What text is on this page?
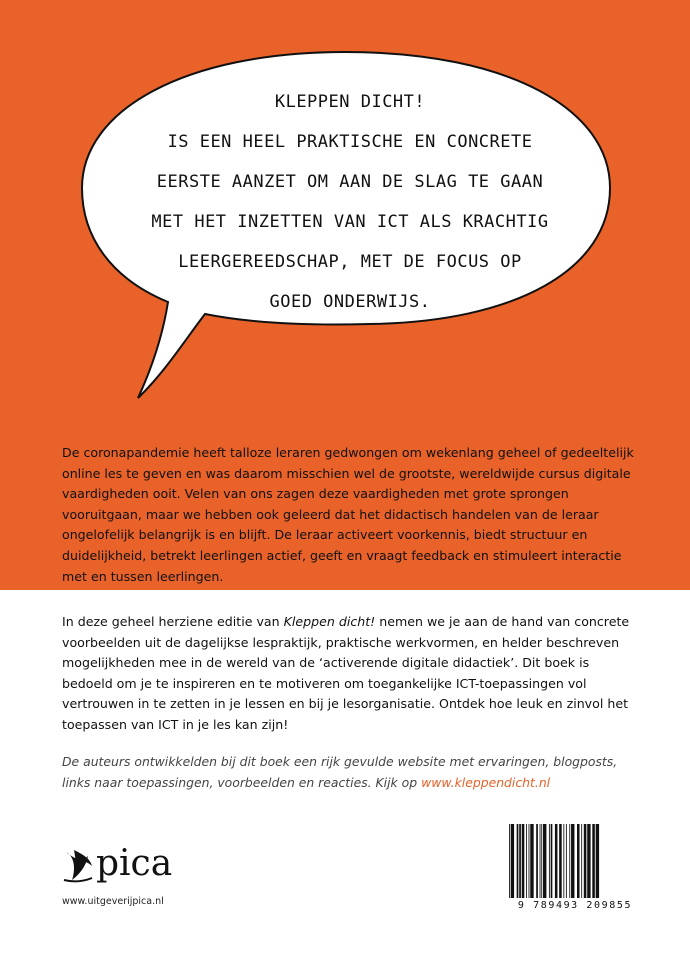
KLEPPEN DICHT!
IS EEN HEEL PRAKTISCHE EN CONCRETE
EERSTE AANZET OM AAN DE SLAG TE GAAN
MET HET INZETTEN VAN ICT ALS KRACHTIG
LEERGEREEDSCHAP, MET DE FOCUS OP
GOED ONDERWIJS.

De coronapandemie heeft talloze leraren gedwongen om wekenlang geheel of gedeeltelijk online les te geven en was daarom misschien wel de grootste, wereldwijde cursus digitale vaardigheden ooit. Velen van ons zagen deze vaardigheden met grote sprongen vooruitgaan, maar we hebben ook geleerd dat het didactisch handelen van de leraar ongelofelijk belangrijk is en blijft. De leraar activeert voorkennis, biedt structuur en duidelijkheid, betrekt leerlingen actief, geeft en vraagt feedback en stimuleert interactie met en tussen leerlingen.

In deze geheel herziene editie van Kleppen dicht! nemen we je aan de hand van concrete voorbeelden uit de dagelijkse lespraktijk, praktische werkvormen, en helder beschreven mogelijkheden mee in de wereld van de ‘activerende digitale didactiek’. Dit boek is bedoeld om je te inspireren en te motiveren om toegankelijke ICT-toepassingen vol vertrouwen in te zetten in je lessen en bij je lesorganisatie. Ontdek hoe leuk en zinvol het toepassen van ICT in je les kan zijn!

De auteurs ontwikkelden bij dit boek een rijk gevulde website met ervaringen, blogposts, links naar toepassingen, voorbeelden en reacties. Kijk op www.kleppendicht.nl

pica
www.uitgeverijpica.nl	9 789493 209855
